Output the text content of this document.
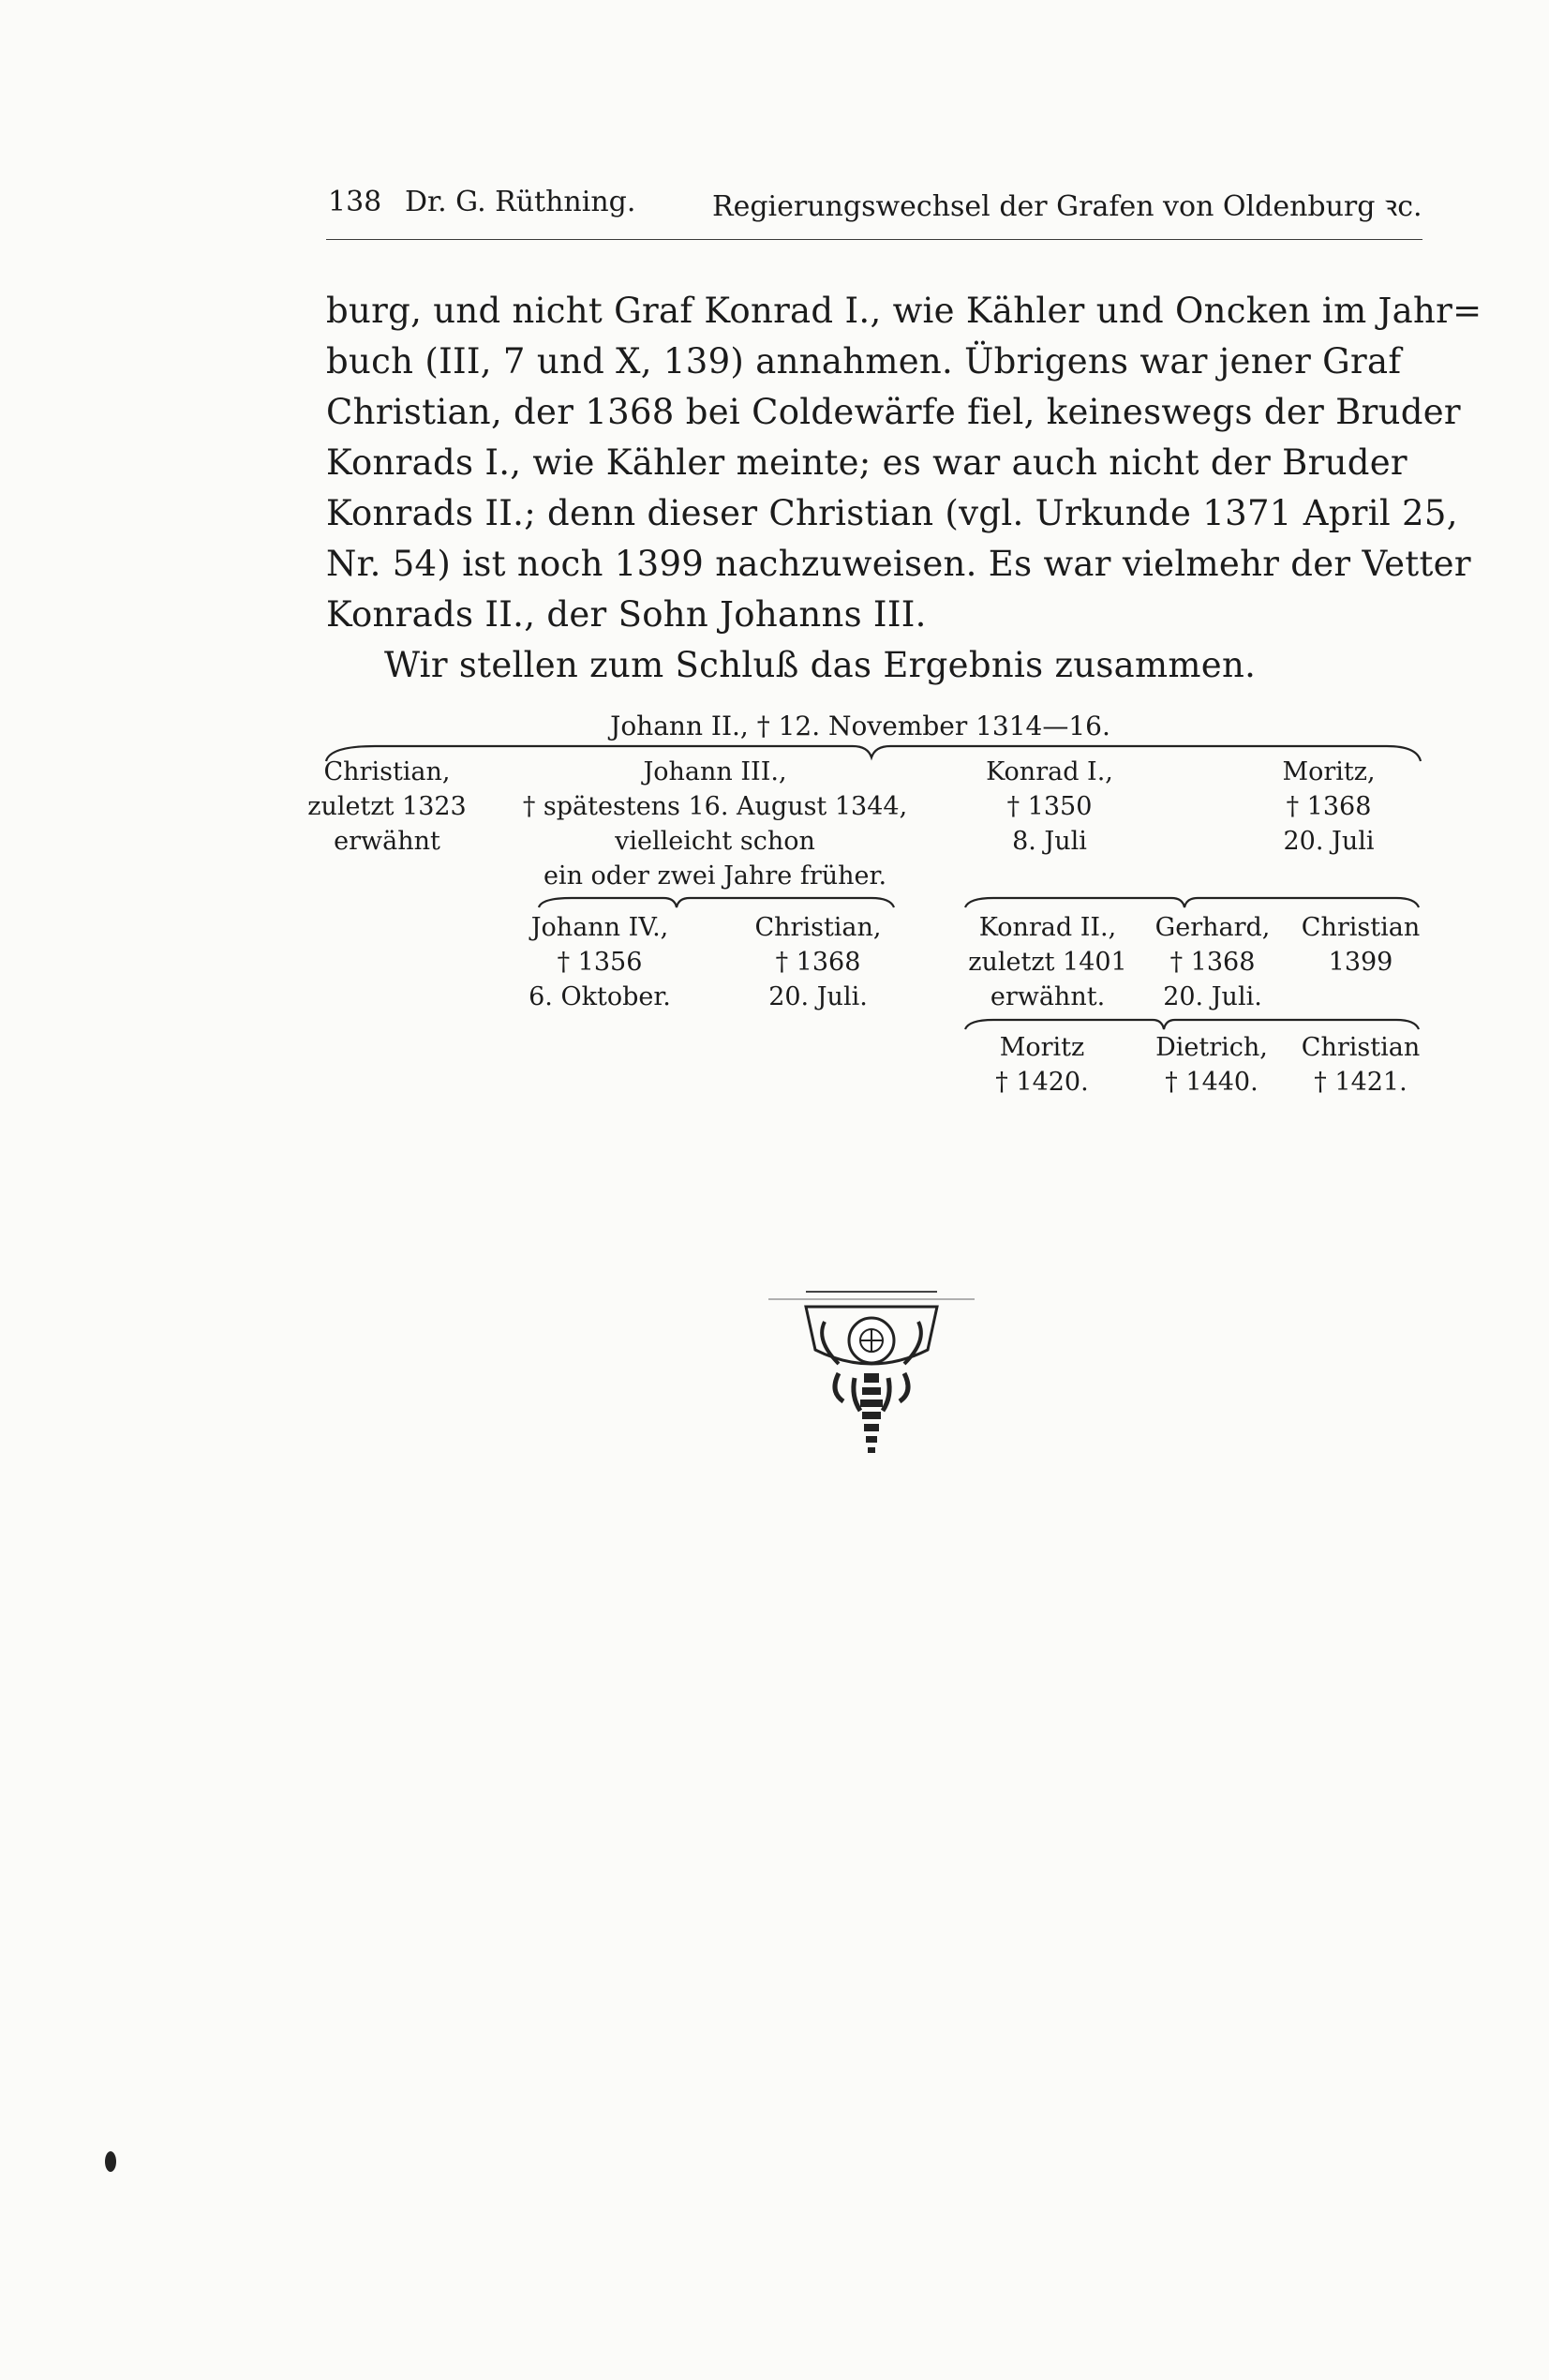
138 Dr. G. Rüthning.	Regierungswechsel der Grafen von Oldenburg ꝛc.
burg, und nicht Graf Konrad I., wie Kähler und Oncken im Jahr=
buch (III, 7 und X, 139) annahmen. Übrigens war jener Graf
Christian, der 1368 bei Coldewärfe fiel, keineswegs der Bruder
Konrads I., wie Kähler meinte; es war auch nicht der Bruder
Konrads II.; denn dieser Christian (vgl. Urkunde 1371 April 25,
Nr. 54) ist noch 1399 nachzuweisen. Es war vielmehr der Vetter
Konrads II., der Sohn Johanns III.
Wir stellen zum Schluß das Ergebnis zusammen.
Johann II., † 12. November 1314—16.
Christian,
zuletzt 1323
erwähnt
Johann III.,
† spätestens 16. August 1344,
vielleicht schon
ein oder zwei Jahre früher.
Konrad I.,
† 1350
8. Juli
Moritz,
† 1368
20. Juli
Johann IV.,
† 1356
6. Oktober.
Christian,
† 1368
20. Juli.
Konrad II.,
zuletzt 1401
erwähnt.
Gerhard,
† 1368
20. Juli.
Christian
1399
Moritz
† 1420.
Dietrich,
† 1440.
Christian
† 1421.
